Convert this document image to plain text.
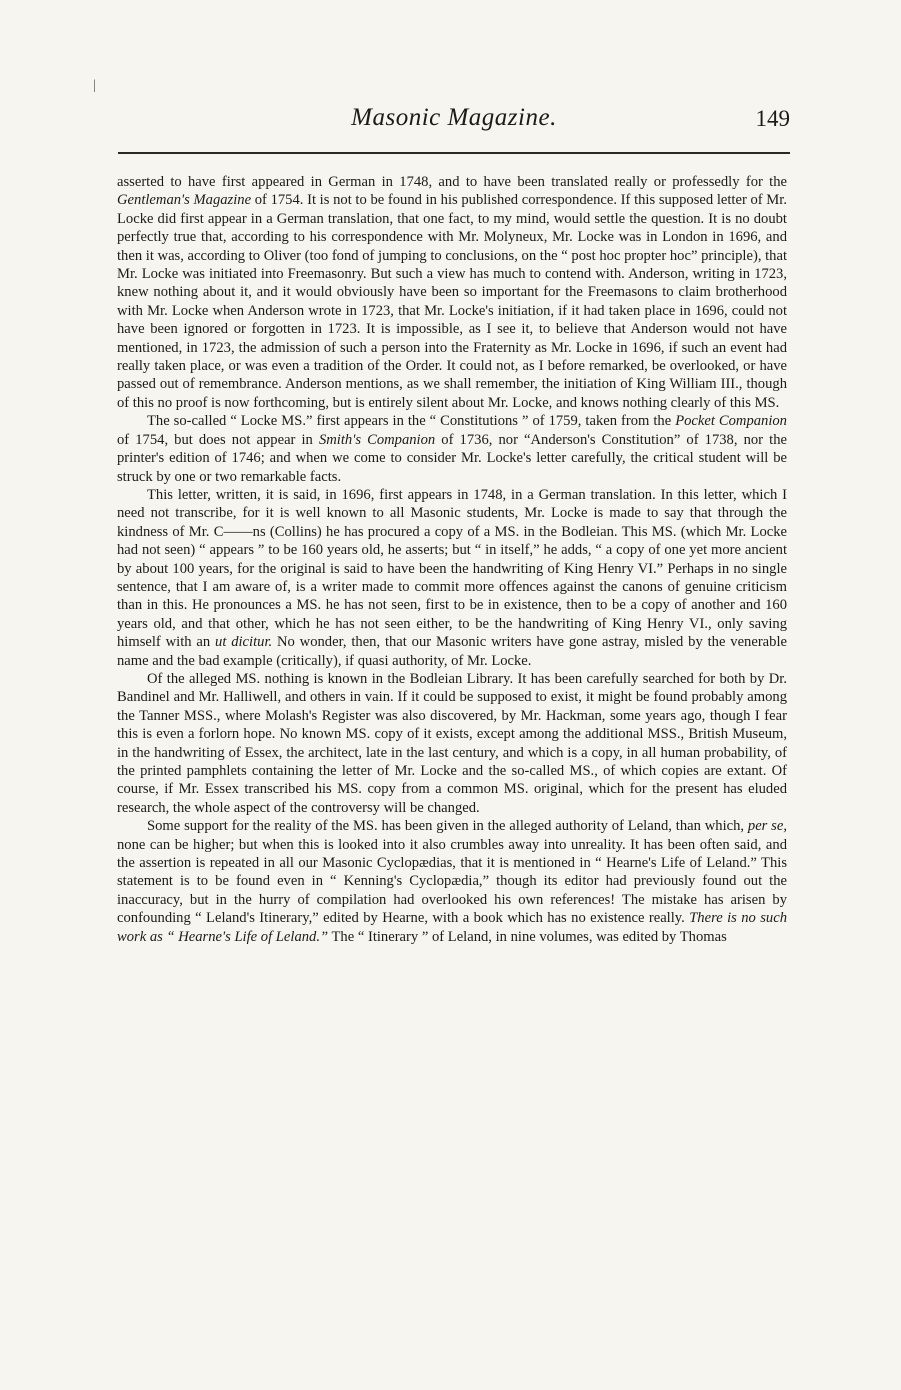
|
Masonic Magazine.	149

asserted to have first appeared in German in 1748, and to have been translated really or professedly for the Gentleman's Magazine of 1754. It is not to be found in his published correspondence. If this supposed letter of Mr. Locke did first appear in a German translation, that one fact, to my mind, would settle the question. It is no doubt perfectly true that, according to his correspondence with Mr. Molyneux, Mr. Locke was in London in 1696, and then it was, according to Oliver (too fond of jumping to conclusions, on the “ post hoc propter hoc” principle), that Mr. Locke was initiated into Freemasonry. But such a view has much to contend with. Anderson, writing in 1723, knew nothing about it, and it would obviously have been so important for the Freemasons to claim brotherhood with Mr. Locke when Anderson wrote in 1723, that Mr. Locke's initiation, if it had taken place in 1696, could not have been ignored or forgotten in 1723. It is impossible, as I see it, to believe that Anderson would not have mentioned, in 1723, the admission of such a person into the Fraternity as Mr. Locke in 1696, if such an event had really taken place, or was even a tradition of the Order. It could not, as I before remarked, be overlooked, or have passed out of remembrance. Anderson mentions, as we shall remember, the initiation of King William III., though of this no proof is now forthcoming, but is entirely silent about Mr. Locke, and knows nothing clearly of this MS.

The so-called “ Locke MS.” first appears in the “ Constitutions ” of 1759, taken from the Pocket Companion of 1754, but does not appear in Smith's Companion of 1736, nor “Anderson's Constitution” of 1738, nor the printer's edition of 1746; and when we come to consider Mr. Locke's letter carefully, the critical student will be struck by one or two remarkable facts.

This letter, written, it is said, in 1696, first appears in 1748, in a German translation. In this letter, which I need not transcribe, for it is well known to all Masonic students, Mr. Locke is made to say that through the kindness of Mr. C——ns (Collins) he has procured a copy of a MS. in the Bodleian. This MS. (which Mr. Locke had not seen) “ appears ” to be 160 years old, he asserts; but “ in itself,” he adds, “ a copy of one yet more ancient by about 100 years, for the original is said to have been the handwriting of King Henry VI.” Perhaps in no single sentence, that I am aware of, is a writer made to commit more offences against the canons of genuine criticism than in this. He pronounces a MS. he has not seen, first to be in existence, then to be a copy of another and 160 years old, and that other, which he has not seen either, to be the handwriting of King Henry VI., only saving himself with an ut dicitur. No wonder, then, that our Masonic writers have gone astray, misled by the venerable name and the bad example (critically), if quasi authority, of Mr. Locke.

Of the alleged MS. nothing is known in the Bodleian Library. It has been carefully searched for both by Dr. Bandinel and Mr. Halliwell, and others in vain. If it could be supposed to exist, it might be found probably among the Tanner MSS., where Molash's Register was also discovered, by Mr. Hackman, some years ago, though I fear this is even a forlorn hope. No known MS. copy of it exists, except among the additional MSS., British Museum, in the handwriting of Essex, the architect, late in the last century, and which is a copy, in all human probability, of the printed pamphlets containing the letter of Mr. Locke and the so-called MS., of which copies are extant. Of course, if Mr. Essex transcribed his MS. copy from a common MS. original, which for the present has eluded research, the whole aspect of the controversy will be changed.

Some support for the reality of the MS. has been given in the alleged authority of Leland, than which, per se, none can be higher; but when this is looked into it also crumbles away into unreality. It has been often said, and the assertion is repeated in all our Masonic Cyclopædias, that it is mentioned in “ Hearne's Life of Leland.” This statement is to be found even in “ Kenning's Cyclopædia,” though its editor had previously found out the inaccuracy, but in the hurry of compilation had overlooked his own references! The mistake has arisen by confounding “ Leland's Itinerary,” edited by Hearne, with a book which has no existence really. There is no such work as “ Hearne's Life of Leland.” The “ Itinerary ” of Leland, in nine volumes, was edited by Thomas
